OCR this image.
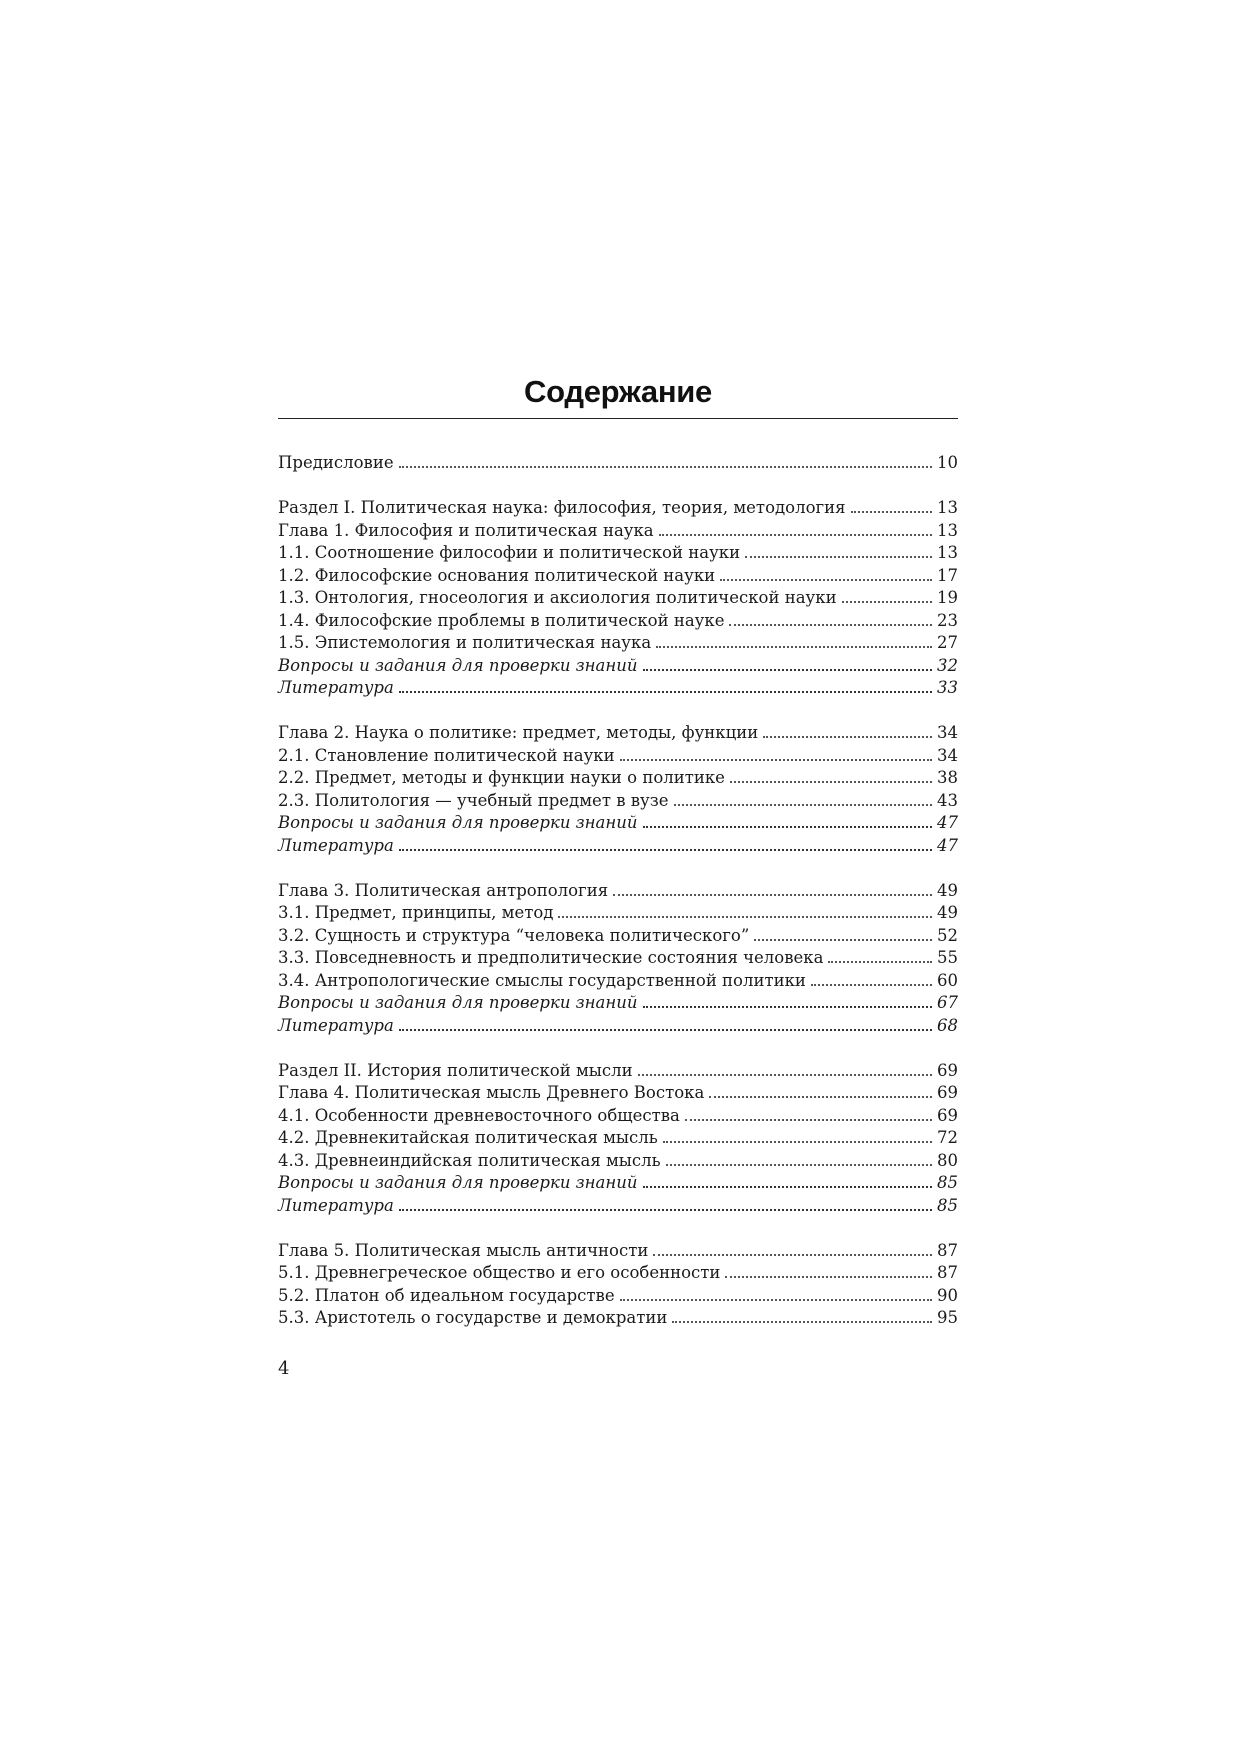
Содержание
Предисловие	10
Раздел I. Политическая наука: философия, теория, методология	13
Глава 1. Философия и политическая наука	13
1.1. Соотношение философии и политической науки	13
1.2. Философские основания политической науки	17
1.3. Онтология, гносеология и аксиология политической науки	19
1.4. Философские проблемы в политической науке	23
1.5. Эпистемология и политическая наука	27
Вопросы и задания для проверки знаний	32
Литература	33
Глава 2. Наука о политике: предмет, методы, функции	34
2.1. Становление политической науки	34
2.2. Предмет, методы и функции науки о политике	38
2.3. Политология — учебный предмет в вузе	43
Вопросы и задания для проверки знаний	47
Литература	47
Глава 3. Политическая антропология	49
3.1. Предмет, принципы, метод	49
3.2. Сущность и структура “человека политического”	52
3.3. Повседневность и предполитические состояния человека	55
3.4. Антропологические смыслы государственной политики	60
Вопросы и задания для проверки знаний	67
Литература	68
Раздел II. История политической мысли	69
Глава 4. Политическая мысль Древнего Востока	69
4.1. Особенности древневосточного общества	69
4.2. Древнекитайская политическая мысль	72
4.3. Древнеиндийская политическая мысль	80
Вопросы и задания для проверки знаний	85
Литература	85
Глава 5. Политическая мысль античности	87
5.1. Древнегреческое общество и его особенности	87
5.2. Платон об идеальном государстве	90
5.3. Аристотель о государстве и демократии	95
4
